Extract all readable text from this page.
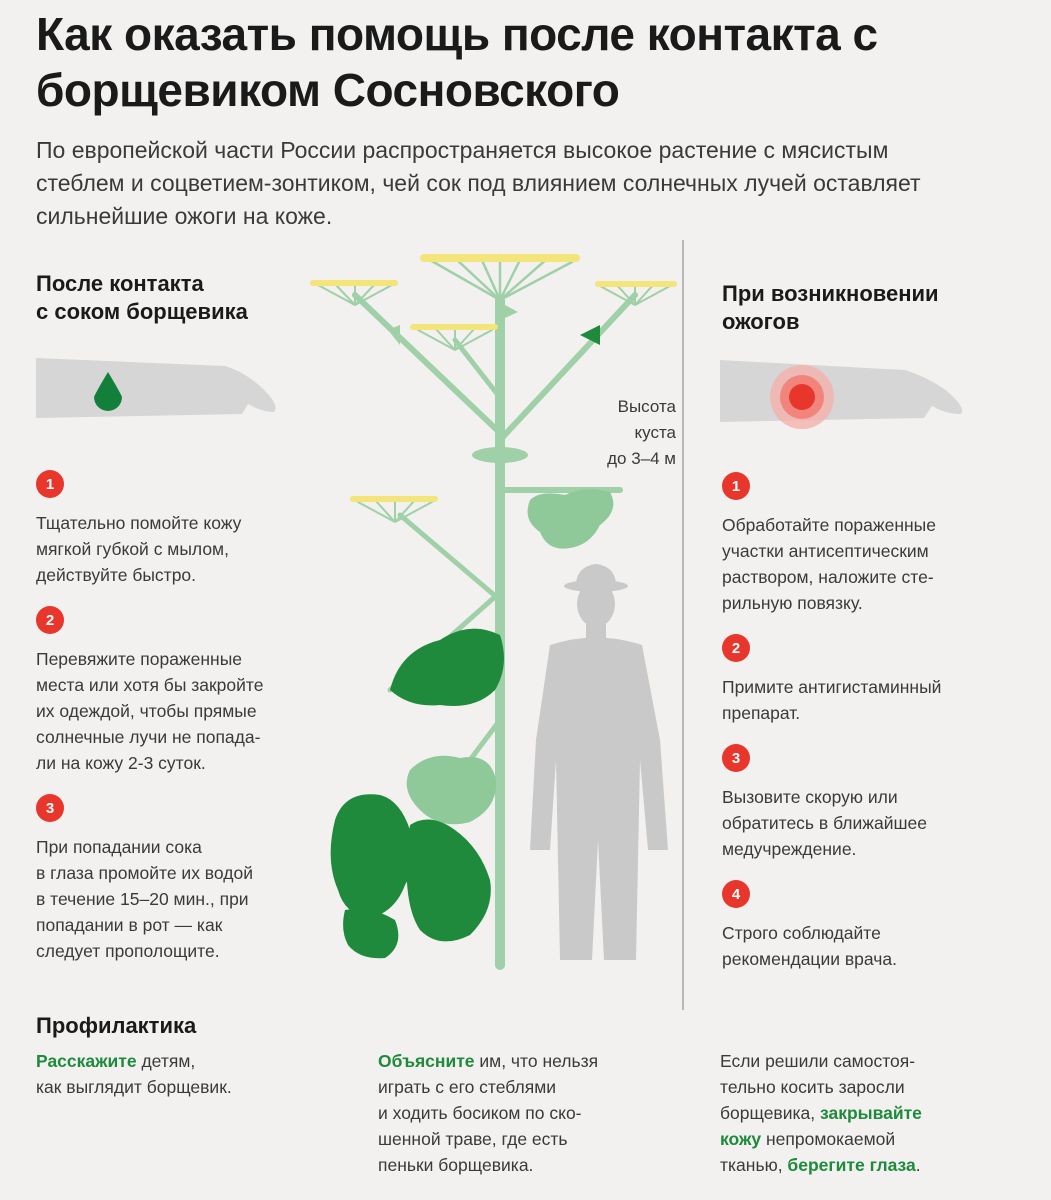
Как оказать помощь после контакта с борщевиком Сосновского

По европейской части России распространяется высокое растение с мясистым стеблем и соцветием-зонтиком, чей сок под влиянием солнечных лучей оставляет сильнейшие ожоги на коже.

Высота
куста
до 3–4 м
После контакта
с соком борщевика
1
Тщательно помойте кожу
мягкой губкой с мылом,
действуйте быстро.
2
Перевяжите пораженные
места или хотя бы закройте
их одеждой, чтобы прямые
солнечные лучи не попада-
ли на кожу 2-3 суток.
3
При попадании сока
в глаза промойте их водой
в течение 15–20 мин., при
попадании в рот — как
следует прополощите.
При возникновении
ожогов
1
Обработайте пораженные
участки антисептическим
раствором, наложите сте-
рильную повязку.
2
Примите антигистаминный
препарат.
3
Вызовите скорую или
обратитесь в ближайшее
медучреждение.
4
Строго соблюдайте
рекомендации врача.
Профилактика
Расскажите детям,
как выглядит борщевик.
Объясните им, что нельзя
играть с его стеблями
и ходить босиком по ско-
шенной траве, где есть
пеньки борщевика.
Если решили самостоя-
тельно косить заросли
борщевика, закрывайте
кожу непромокаемой
тканью, берегите глаза.
